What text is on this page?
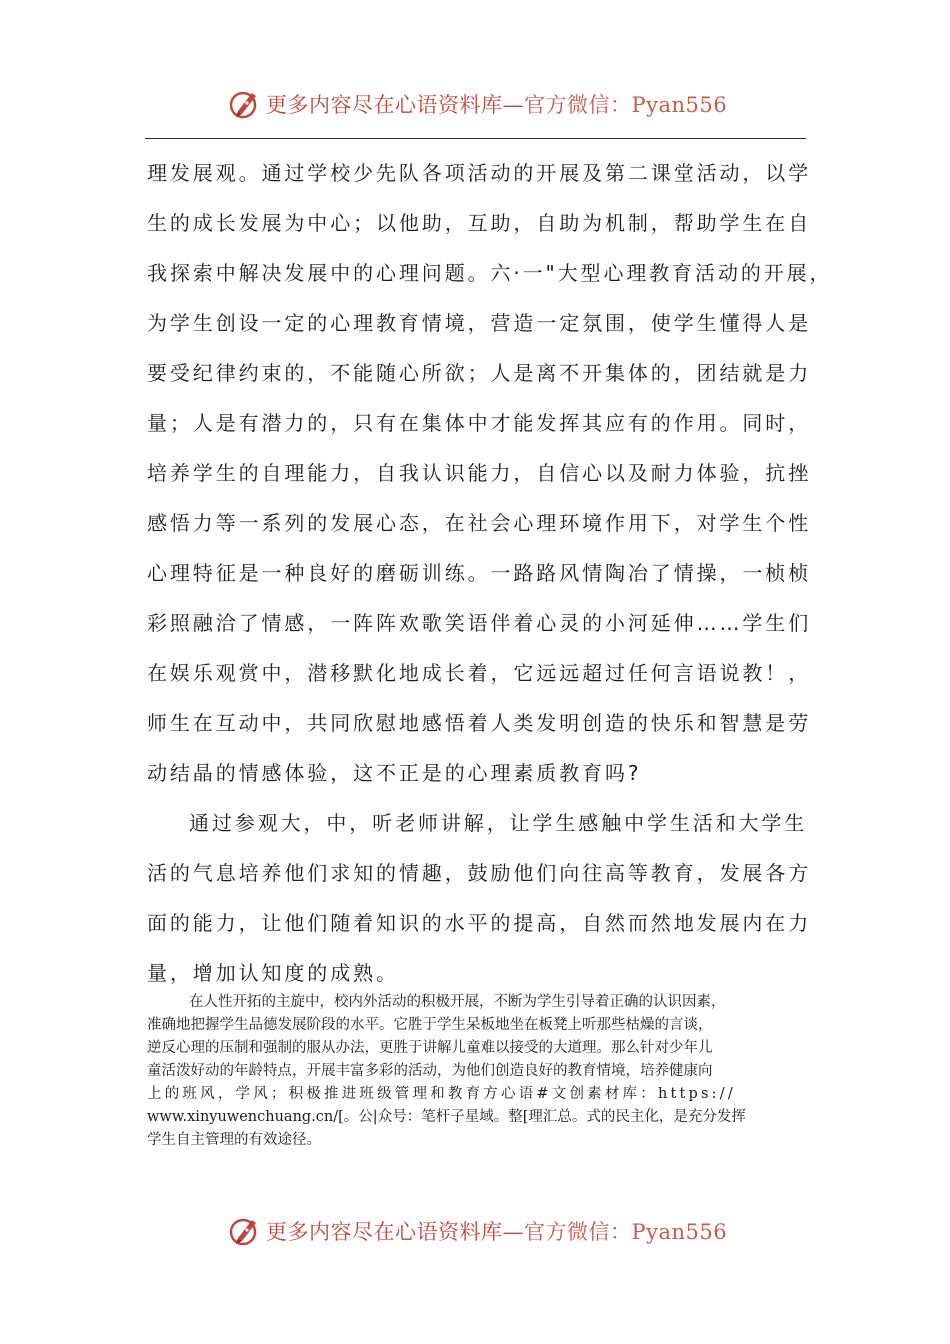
更多内容尽在心语资料库—官方微信：Pyan556
理发展观。通过学校少先队各项活动的开展及第二课堂活动，以学
生的成长发展为中心；以他助，互助，自助为机制，帮助学生在自
我探索中解决发展中的心理问题。六·一"大型心理教育活动的开展，
为学生创设一定的心理教育情境，营造一定氛围，使学生懂得人是
要受纪律约束的，不能随心所欲；人是离不开集体的，团结就是力
量；人是有潜力的，只有在集体中才能发挥其应有的作用。同时，
培养学生的自理能力，自我认识能力，自信心以及耐力体验，抗挫
感悟力等一系列的发展心态，在社会心理环境作用下，对学生个性
心理特征是一种良好的磨砺训练。一路路风情陶冶了情操，一桢桢
彩照融洽了情感，一阵阵欢歌笑语伴着心灵的小河延伸……学生们
在娱乐观赏中，潜移默化地成长着，它远远超过任何言语说教！，
师生在互动中，共同欣慰地感悟着人类发明创造的快乐和智慧是劳
动结晶的情感体验，这不正是的心理素质教育吗?
通过参观大，中，听老师讲解，让学生感触中学生活和大学生
活的气息培养他们求知的情趣，鼓励他们向往高等教育，发展各方
面的能力，让他们随着知识的水平的提高，自然而然地发展内在力
量，增加认知度的成熟。
在人性开拓的主旋中，校内外活动的积极开展，不断为学生引导着正确的认识因素，
准确地把握学生品德发展阶段的水平。它胜于学生呆板地坐在板凳上听那些枯燥的言谈，
逆反心理的压制和强制的服从办法，更胜于讲解儿童难以接受的大道理。那么针对少年儿
童活泼好动的年龄特点，开展丰富多彩的活动，为他们创造良好的教育情境，培养健康向
上的班风，学风；积极推进班级管理和教育方心语#文创素材库：https://
www.xinyuwenchuang.cn/[。公|众号：笔杆子星域。整[理汇总。式的民主化，是充分发挥
学生自主管理的有效途径。
更多内容尽在心语资料库—官方微信：Pyan556
